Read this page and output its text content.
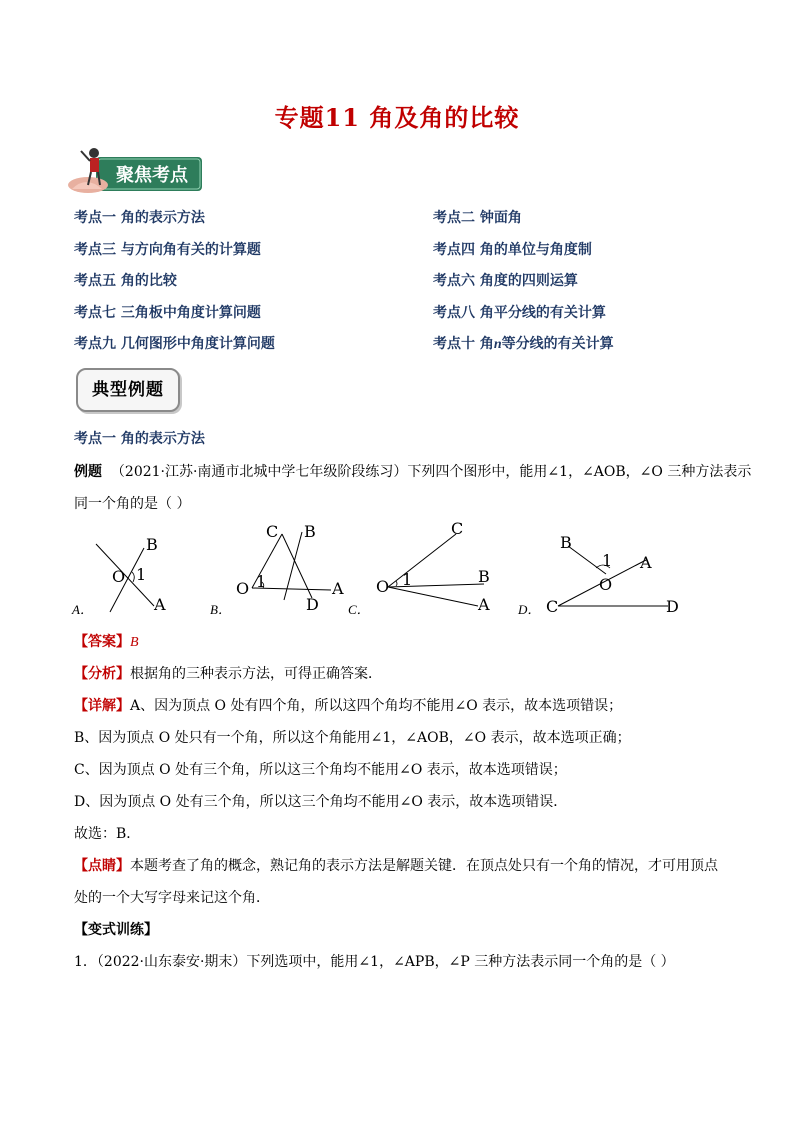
专题11 角及角的比较
聚焦考点
考点一 角的表示方法	考点二 钟面角
考点三 与方向角有关的计算题	考点四 角的单位与角度制
考点五 角的比较	考点六 角度的四则运算
考点七 三角板中角度计算问题	考点八 角平分线的有关计算
考点九 几何图形中角度计算问题	考点十 角n等分线的有关计算
典型例题
考点一 角的表示方法
例题 （2021·江苏·南通市北城中学七年级阶段练习）下列四个图形中，能用∠1，∠AOB，∠O 三种方法表示
同一个角的是（ ）
B
O 1
A
A．
C B
O 1	A
D
B．
C
O 1	B
A
C．
B
1
O
A
C	D
D．
【答案】B
【分析】根据角的三种表示方法，可得正确答案．
【详解】A、因为顶点 O 处有四个角，所以这四个角均不能用∠O 表示，故本选项错误；
B、因为顶点 O 处只有一个角，所以这个角能用∠1，∠AOB，∠O 表示，故本选项正确；
C、因为顶点 O 处有三个角，所以这三个角均不能用∠O 表示，故本选项错误；
D、因为顶点 O 处有三个角，所以这三个角均不能用∠O 表示，故本选项错误．
故选：B．
【点睛】本题考查了角的概念，熟记角的表示方法是解题关键．在顶点处只有一个角的情况，才可用顶点
处的一个大写字母来记这个角．
【变式训练】
1．（2022·山东泰安·期末）下列选项中，能用∠1，∠APB，∠P 三种方法表示同一个角的是（ ）
